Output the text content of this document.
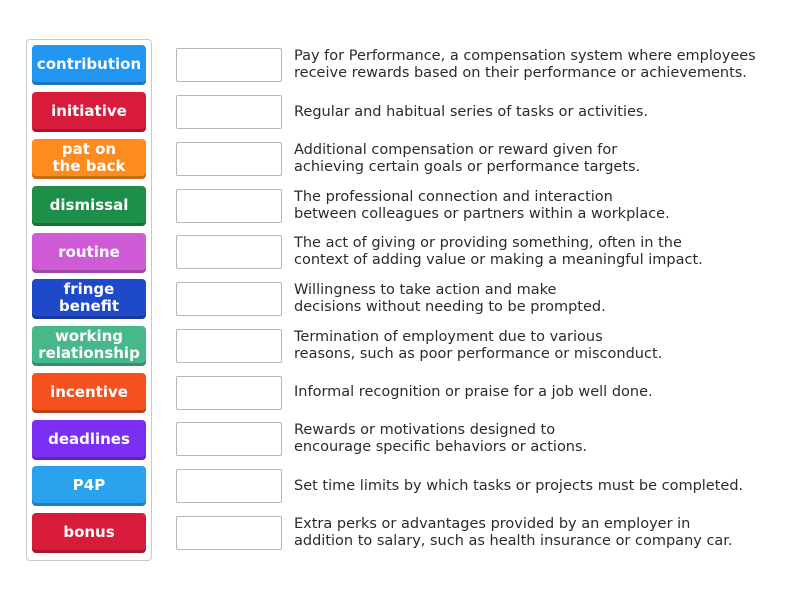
contribution
initiative
pat on
the back
dismissal
routine
fringe benefit
working
relationship
incentive
deadlines
P4P
bonus
Pay for Performance, a compensation system where employees
receive rewards based on their performance or achievements.
Regular and habitual series of tasks or activities.
Additional compensation or reward given for
achieving certain goals or performance targets.
The professional connection and interaction
between colleagues or partners within a workplace.
The act of giving or providing something, often in the
context of adding value or making a meaningful impact.
Willingness to take action and make
decisions without needing to be prompted.
Termination of employment due to various
reasons, such as poor performance or misconduct.
Informal recognition or praise for a job well done.
Rewards or motivations designed to
encourage specific behaviors or actions.
Set time limits by which tasks or projects must be completed.
Extra perks or advantages provided by an employer in
addition to salary, such as health insurance or company car.
